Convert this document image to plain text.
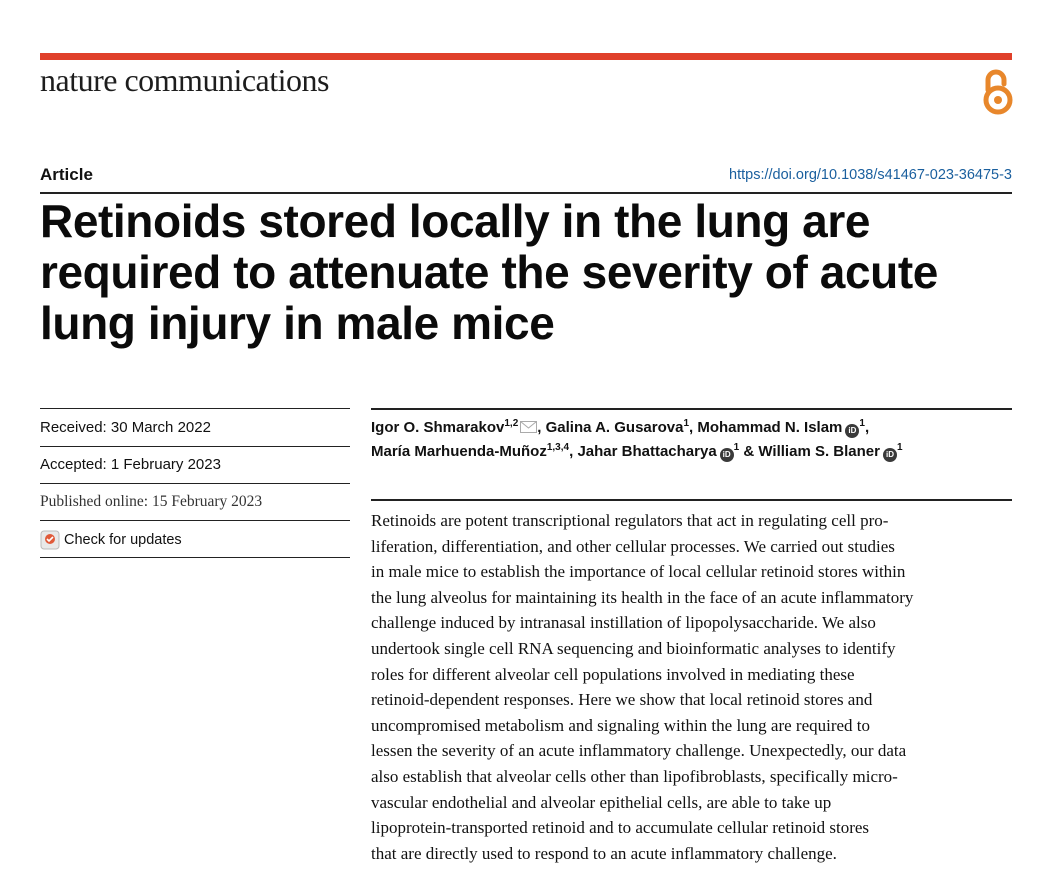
nature communications
Article	https://doi.org/10.1038/s41467-023-36475-3
Retinoids stored locally in the lung are
required to attenuate the severity of acute
lung injury in male mice
Received: 30 March 2022
Accepted: 1 February 2023
Published online: 15 February 2023
Check for updates
Igor O. Shmarakov$^{1,2}$ , Galina A. Gusarova$^1$, Mohammad N. Islam $iD^1$,
María Marhuenda-Muñoz$^{1,3,4}$, Jahar Bhattacharya $iD^1$ & William S. Blaner $iD^1$
Retinoids are potent transcriptional regulators that act in regulating cell pro-
liferation, differentiation, and other cellular processes. We carried out studies
in male mice to establish the importance of local cellular retinoid stores within
the lung alveolus for maintaining its health in the face of an acute inflammatory
challenge induced by intranasal instillation of lipopolysaccharide. We also
undertook single cell RNA sequencing and bioinformatic analyses to identify
roles for different alveolar cell populations involved in mediating these
retinoid-dependent responses. Here we show that local retinoid stores and
uncompromised metabolism and signaling within the lung are required to
lessen the severity of an acute inflammatory challenge. Unexpectedly, our data
also establish that alveolar cells other than lipofibroblasts, specifically micro-
vascular endothelial and alveolar epithelial cells, are able to take up
lipoprotein-transported retinoid and to accumulate cellular retinoid stores
that are directly used to respond to an acute inflammatory challenge.
